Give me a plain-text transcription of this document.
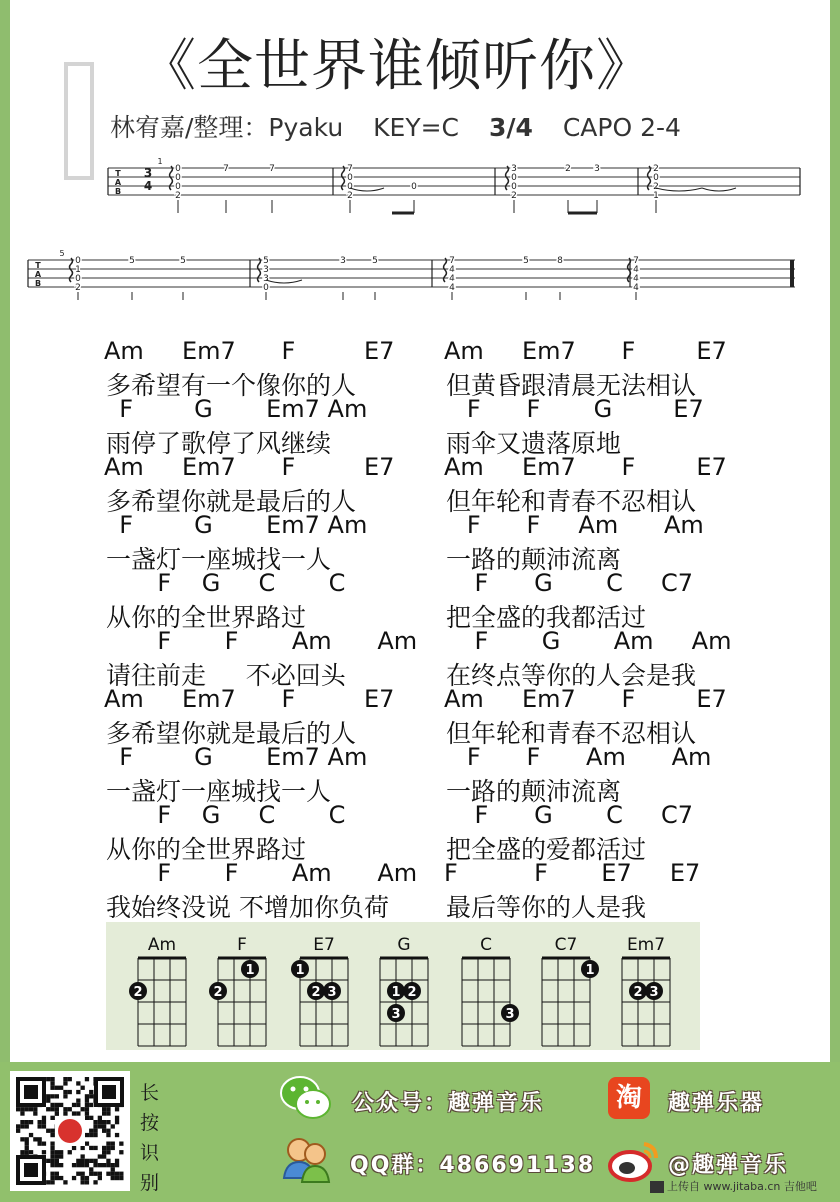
《全世界谁倾听你》
林宥嘉/整理：Pyaku KEY=C 3/4 CAPO 2-4
T
A
B
1
0
0
0
2
7	7	7
0
0
2
0
3
0
0
2
2	3	2
0
2
1
T
A
B
5
0
1
0
2
5	5	5
3
3
0
3	5	7
4
4
4
5	8	7
4
4
4
3
4
Am     Em7      F         E7
多希望有一个像你的人
Am     Em7      F        E7
但黄昏跟清晨无法相认
F        G       Em7 Am
雨停了歌停了风继续
F      F       G        E7
雨伞又遗落原地
Am     Em7      F         E7
多希望你就是最后的人
Am     Em7      F        E7
但年轮和青春不忍相认
F        G       Em7 Am
一盏灯一座城找一人
F      F     Am      Am
一路的颠沛流离
F    G     C       C
从你的全世界路过
F      G       C     C7
把全盛的我都活过
F       F       Am      Am
请往前走     不必回头
F       G       Am     Am
在终点等你的人会是我
Am     Em7      F         E7
多希望你就是最后的人
Am     Em7      F        E7
但年轮和青春不忍相认
F        G       Em7 Am
一盏灯一座城找一人
F      F      Am      Am
一路的颠沛流离
F    G     C       C
从你的全世界路过
F      G       C     C7
把全盛的爱都活过
F       F       Am      Am
我始终没说 不增加你负荷
F          F       E7     E7
最后等你的人是我
Am
2
F
1
2
E7
1
2 3
G
1 2
3
C
3
C7
1
Em7
2 3
长
按
识
别
公众号：趣弹音乐
QQ群：486691138
淘	趣弹乐器
@趣弹音乐
上传自 www.jitaba.cn 吉他吧
